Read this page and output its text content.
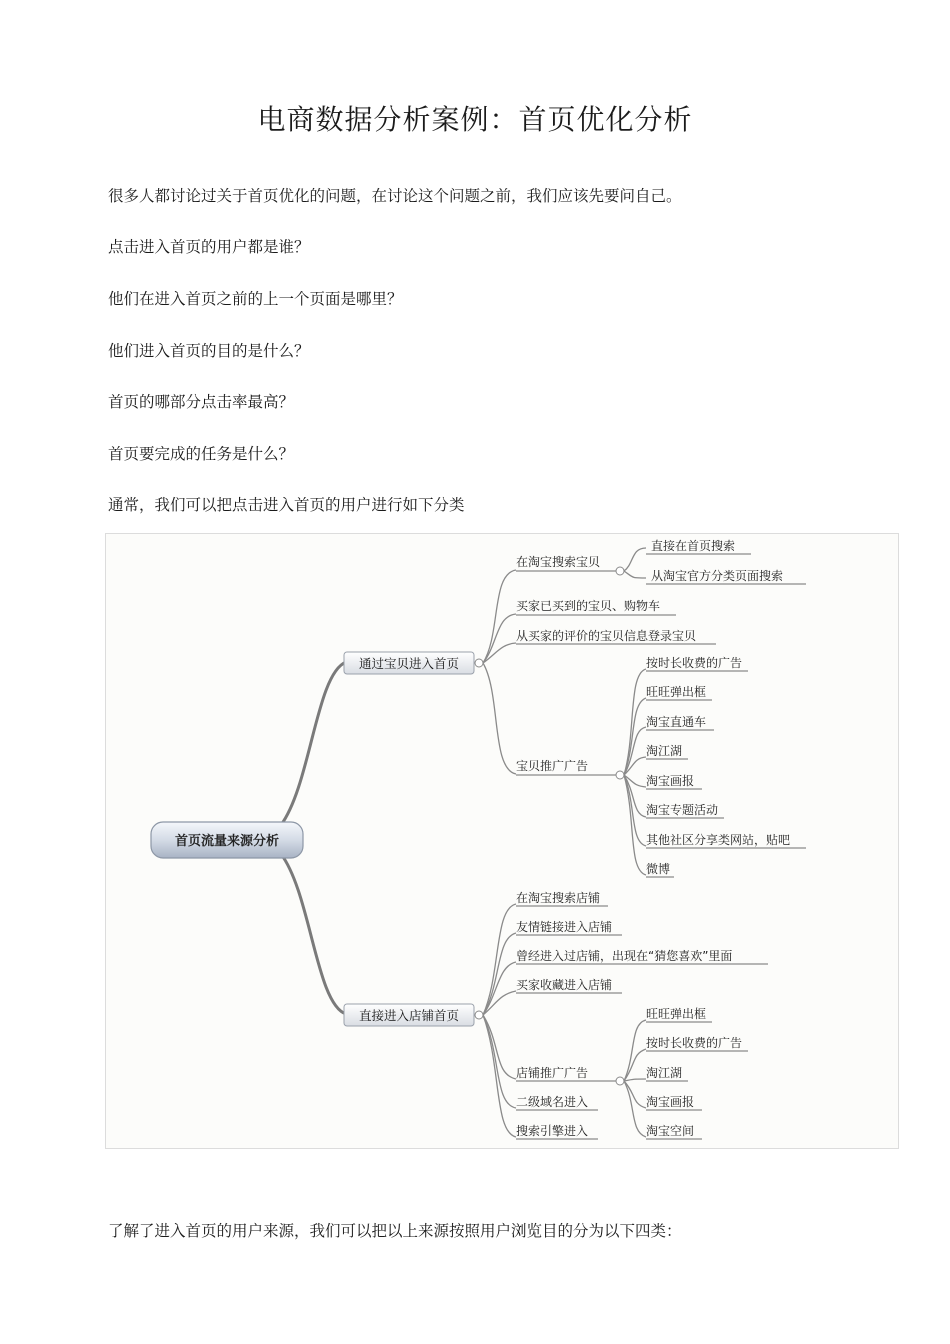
电商数据分析案例：首页优化分析
很多人都讨论过关于首页优化的问题，在讨论这个问题之前，我们应该先要问自己。
点击进入首页的用户都是谁？
他们在进入首页之前的上一个页面是哪里？
他们进入首页的目的是什么？
首页的哪部分点击率最高？
首页要完成的任务是什么？
通常，我们可以把点击进入首页的用户进行如下分类
首页流量来源分析
通过宝贝进入首页
在淘宝搜索宝贝
直接在首页搜索
从淘宝官方分类页面搜索
买家已买到的宝贝、购物车
从买家的评价的宝贝信息登录宝贝
宝贝推广广告
按时长收费的广告
旺旺弹出框
淘宝直通车
淘江湖
淘宝画报
淘宝专题活动
其他社区分享类网站，贴吧
微博
直接进入店铺首页
在淘宝搜索店铺
友情链接进入店铺
曾经进入过店铺，出现在“猜您喜欢”里面
买家收藏进入店铺
店铺推广广告
旺旺弹出框
按时长收费的广告
淘江湖
淘宝画报
淘宝空间
二级域名进入
搜索引擎进入
了解了进入首页的用户来源，我们可以把以上来源按照用户浏览目的分为以下四类：
